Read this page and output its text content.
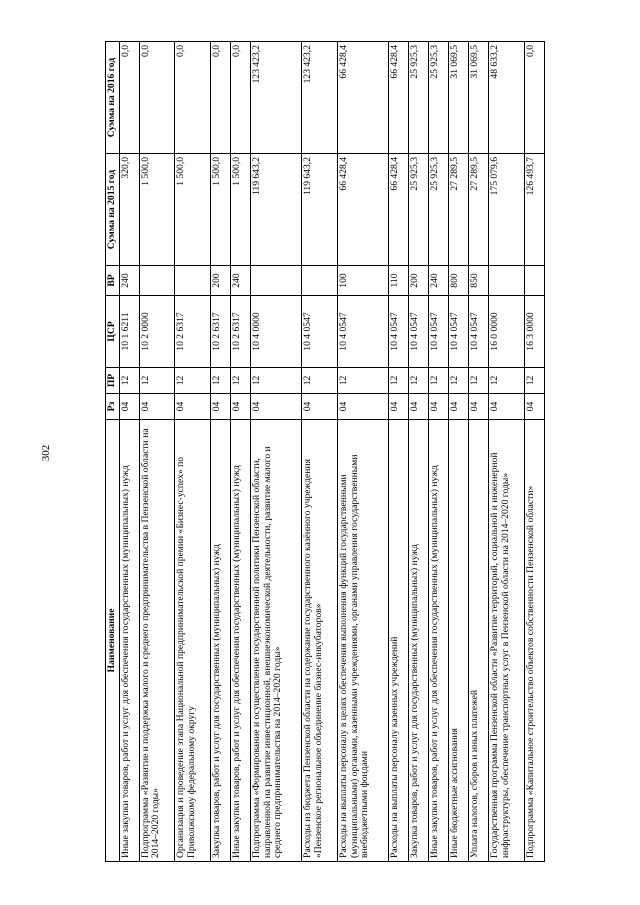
302
Наименование	Рз	ПР	ЦСР	ВР	Сумма на 2015 год	Сумма на 2016 год
Иные закупки товаров, работ и услуг для обеспечения государственных (муниципальных) нужд	04	12	10 1 6211	240	320,0	0,0
Подпрограмма «Развитие и поддержка малого и среднего предпринимательства в Пензенской области на 2014–2020 годы»	04	12	10 2 0000		1 500,0	0,0
Организация и проведение этапа Национальной предпринимательской премии «Бизнес-успех» по Приволжскому федеральному округу	04	12	10 2 6317		1 500,0	0,0
Закупка товаров, работ и услуг для государственных (муниципальных) нужд	04	12	10 2 6317	200	1 500,0	0,0
Иные закупки товаров, работ и услуг для обеспечения государственных (муниципальных) нужд	04	12	10 2 6317	240	1 500,0	0,0
Подпрограмма «Формирование и осуществление государственной политики Пензенской области, направленной на развитие инвестиционной, внешнеэкономической деятельности, развитие малого и среднего предпринимательства на 2014–2020 годы»	04	12	10 4 0000		119 643,2	123 423,2
Расходы из бюджета Пензенской области на содержание государственного казённого учреждения «Пензенское региональное объединение бизнес-инкубаторов»	04	12	10 4 0547		119 643,2	123 423,2
Расходы на выплаты персоналу в целях обеспечения выполнения функций государственными (муниципальными) органами, казенными учреждениями, органами управления государственными внебюджетными фондами	04	12	10 4 0547	100	66 428,4	66 428,4
Расходы на выплаты персоналу казенных учреждений	04	12	10 4 0547	110	66 428,4	66 428,4
Закупка товаров, работ и услуг для государственных (муниципальных) нужд	04	12	10 4 0547	200	25 925,3	25 925,3
Иные закупки товаров, работ и услуг для обеспечения государственных (муниципальных) нужд	04	12	10 4 0547	240	25 925,3	25 925,3
Иные бюджетные ассигнования	04	12	10 4 0547	800	27 289,5	31 069,5
Уплата налогов, сборов и иных платежей	04	12	10 4 0547	850	27 289,5	31 069,5
Государственная программа Пензенской области «Развитие территорий, социальной и инженерной инфраструктуры, обеспечение транспортных услуг в Пензенской области на 2014–2020 годы»	04	12	16 0 0000		175 079,6	48 633,2
Подпрограмма «Капитальное строительство объектов собственности Пензенской области»	04	12	16 3 0000		126 493,7	0,0
